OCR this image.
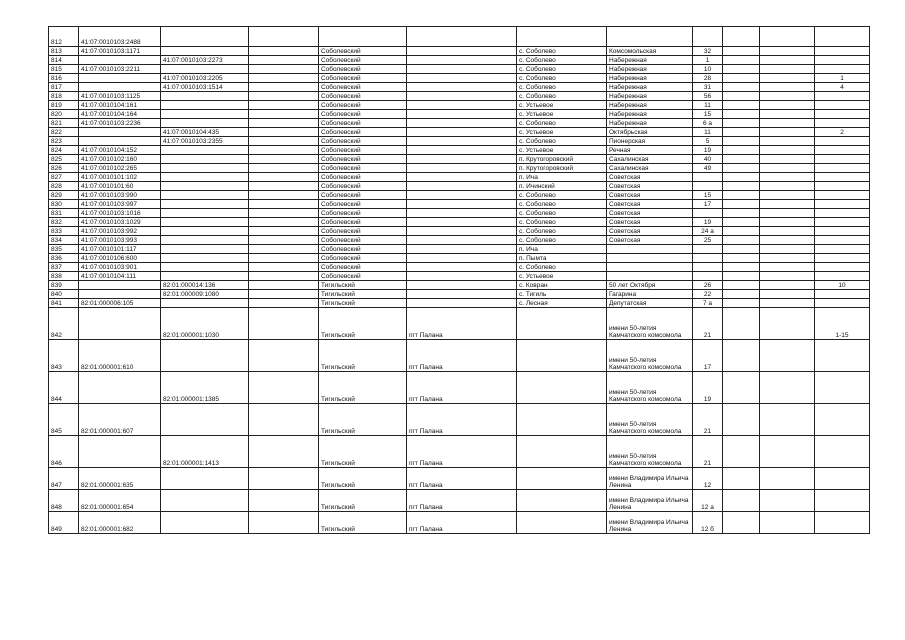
812	41:07:0010103:2488										
813	41:07:0010103:1171			Соболевский		с. Соболево	Комсомольская	32			
814		41:07:0010103:2273		Соболевский		с. Соболево	Набережная	1			
815	41:07:0010103:2211			Соболевский		с. Соболево	Набережная	10			
816		41:07:0010103:2205		Соболевский		с. Соболево	Набережная	28			1
817		41:07:0010103:1514		Соболевский		с. Соболево	Набережная	31			4
818	41:07:0010103:1125			Соболевский		с. Соболево	Набережная	56			
819	41:07:0010104:161			Соболевский		с. Устьевое	Набережная	11			
820	41:07:0010104:164			Соболевский		с. Устьевое	Набережная	15			
821	41:07:0010103:2236			Соболевский		с. Соболево	Набережная	6 а			
822		41:07:0010104:435		Соболевский		с. Устьевое	Октябрьская	11			2
823		41:07:0010103:2355		Соболевский		с. Соболево	Пионерская	5			
824	41:07:0010104:152			Соболевский		с. Устьевое	Речная	19			
825	41:07:0010102:160			Соболевский		п. Крутогоровский	Сахалинская	40			
826	41:07:0010102:265			Соболевский		п. Крутогоровский	Сахалинская	49			
827	41:07:0010101:102			Соболевский		п. Ича	Советская				
828	41:07:0010101:60			Соболевский		п. Ичинский	Советская				
829	41:07:0010103:990			Соболевский		с. Соболево	Советская	15			
830	41:07:0010103:997			Соболевский		с. Соболево	Советская	17			
831	41:07:0010103:1016			Соболевский		с. Соболево	Советская				
832	41:07:0010103:1029			Соболевский		с. Соболево	Советская	19			
833	41:07:0010103:992			Соболевский		с. Соболево	Советская	24 а			
834	41:07:0010103:993			Соболевский		с. Соболево	Советская	25			
835	41:07:0010101:117			Соболевский		п. Ича					
836	41:07:0010106:600			Соболевский		п. Пымта					
837	41:07:0010103:901			Соболевский		с. Соболево					
838	41:07:0010104:111			Соболевский		с. Устьевое					
839		82:01:000014:136		Тигильский		с. Ковран	50 лет Октября	26			10
840		82:01:000009:1080		Тигильский		с. Тигиль	Гагарина	22			
841	82:01:000006:105			Тигильский		с. Лесная	Депутатская	7 а			
842		82:01:000001:1030		Тигильский	пгт Палана		имени 50-летия Камчатского комсомола	21			1-15
843	82:01:000001:610			Тигильский	пгт Палана		имени 50-летия Камчатского комсомола	17			
844		82:01:000001:1385		Тигильский	пгт Палана		имени 50-летия Камчатского комсомола	19			
845	82:01:000001:607			Тигильский	пгт Палана		имени 50-летия Камчатского комсомола	21			
846		82:01:000001:1413		Тигильский	пгт Палана		имени 50-летия Камчатского комсомола	21			
847	82:01:000001:635			Тигильский	пгт Палана		имени Владимира Ильича Ленина	12			
848	82:01:000001:654			Тигильский	пгт Палана		имени Владимира Ильича Ленина	12 а			
849	82:01:000001:682			Тигильский	пгт Палана		имени Владимира Ильича Ленина	12 б			
